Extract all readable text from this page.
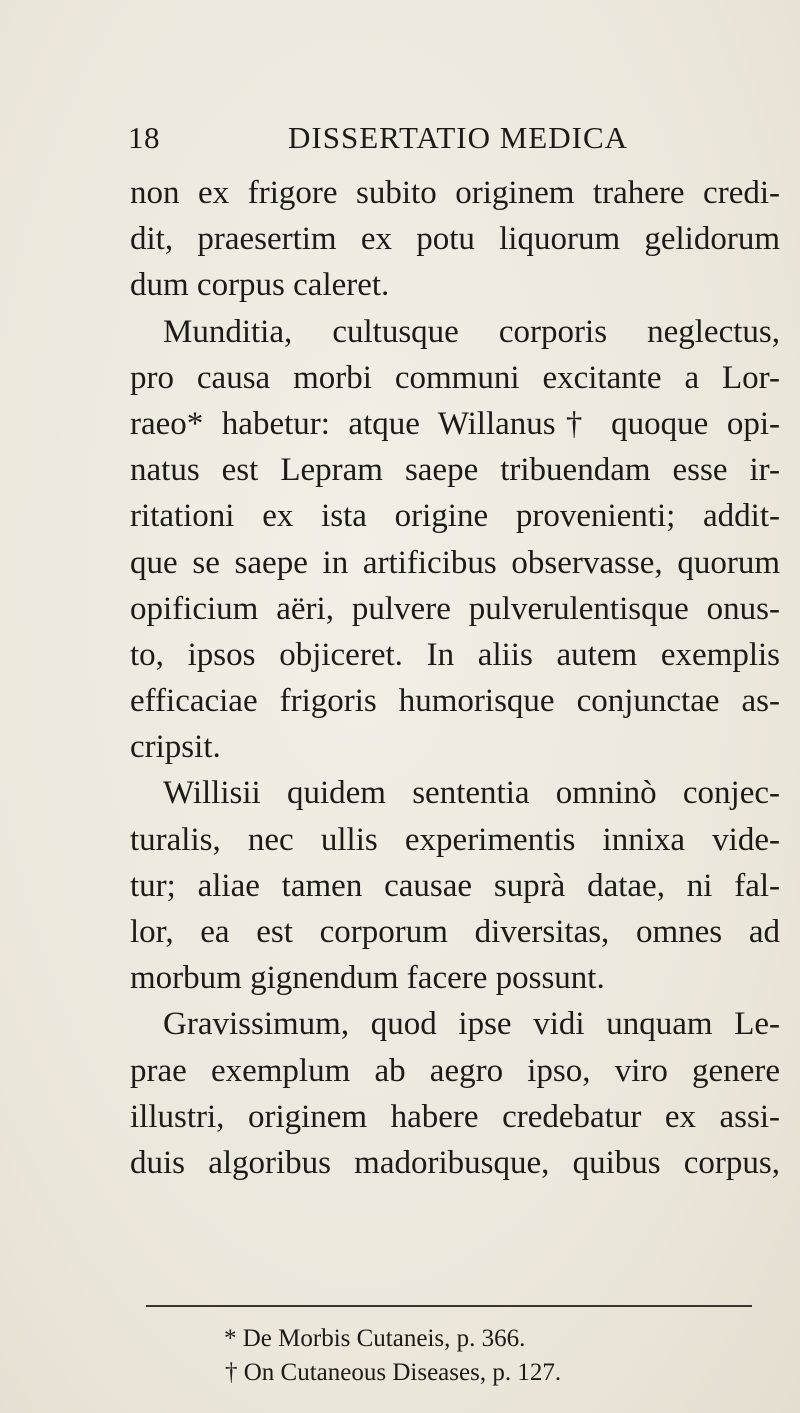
18	DISSERTATIO MEDICA
non ex frigore subito originem trahere credi-
dit, praesertim ex potu liquorum gelidorum
dum corpus caleret.
Munditia, cultusque corporis neglectus,
pro causa morbi communi excitante a Lor-
raeo* habetur: atque Willanus† quoque opi-
natus est Lepram saepe tribuendam esse ir-
ritationi ex ista origine provenienti; addit-
que se saepe in artificibus observasse, quorum
opificium aëri, pulvere pulverulentisque onus-
to, ipsos objiceret. In aliis autem exemplis
efficaciae frigoris humorisque conjunctae as-
cripsit.
Willisii quidem sententia omninò conjec-
turalis, nec ullis experimentis innixa vide-
tur; aliae tamen causae suprà datae, ni fal-
lor, ea est corporum diversitas, omnes ad
morbum gignendum facere possunt.
Gravissimum, quod ipse vidi unquam Le-
prae exemplum ab aegro ipso, viro genere
illustri, originem habere credebatur ex assi-
duis algoribus madoribusque, quibus corpus,
* De Morbis Cutaneis, p. 366.
† On Cutaneous Diseases, p. 127.
